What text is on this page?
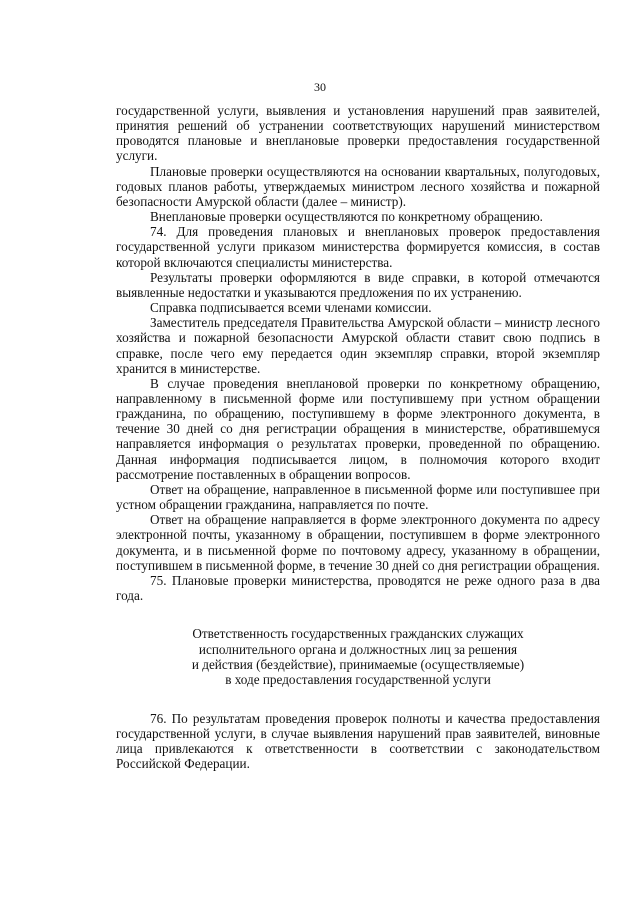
30

государственной услуги, выявления и установления нарушений прав заявителей, принятия решений об устранении соответствующих нарушений министерством проводятся плановые и внеплановые проверки предоставления государственной услуги.

Плановые проверки осуществляются на основании квартальных, полугодовых, годовых планов работы, утверждаемых министром лесного хозяйства и пожарной безопасности Амурской области (далее – министр).

Внеплановые проверки осуществляются по конкретному обращению.

74. Для проведения плановых и внеплановых проверок предоставления государственной услуги приказом министерства формируется комиссия, в состав которой включаются специалисты министерства.

Результаты проверки оформляются в виде справки, в которой отмечаются выявленные недостатки и указываются предложения по их устранению.

Справка подписывается всеми членами комиссии.

Заместитель председателя Правительства Амурской области – министр лесного хозяйства и пожарной безопасности Амурской области ставит свою подпись в справке, после чего ему передается один экземпляр справки, второй экземпляр хранится в министерстве.

В случае проведения внеплановой проверки по конкретному обращению, направленному в письменной форме или поступившему при устном обращении гражданина, по обращению, поступившему в форме электронного документа, в течение 30 дней со дня регистрации обращения в министерстве, обратившемуся направляется информация о результатах проверки, проведенной по обращению. Данная информация подписывается лицом, в полномочия которого входит рассмотрение поставленных в обращении вопросов.

Ответ на обращение, направленное в письменной форме или поступившее при устном обращении гражданина, направляется по почте.

Ответ на обращение направляется в форме электронного документа по адресу электронной почты, указанному в обращении, поступившем в форме электронного документа, и в письменной форме по почтовому адресу, указанному в обращении, поступившем в письменной форме, в течение 30 дней со дня регистрации обращения.

75. Плановые проверки министерства, проводятся не реже одного раза в два года.

Ответственность государственных гражданских служащих
исполнительного органа и должностных лиц за решения
и действия (бездействие), принимаемые (осуществляемые)
в ходе предоставления государственной услуги

76. По результатам проведения проверок полноты и качества предоставления государственной услуги, в случае выявления нарушений прав заявителей, виновные лица привлекаются к ответственности в соответствии с законодательством Российской Федерации.
